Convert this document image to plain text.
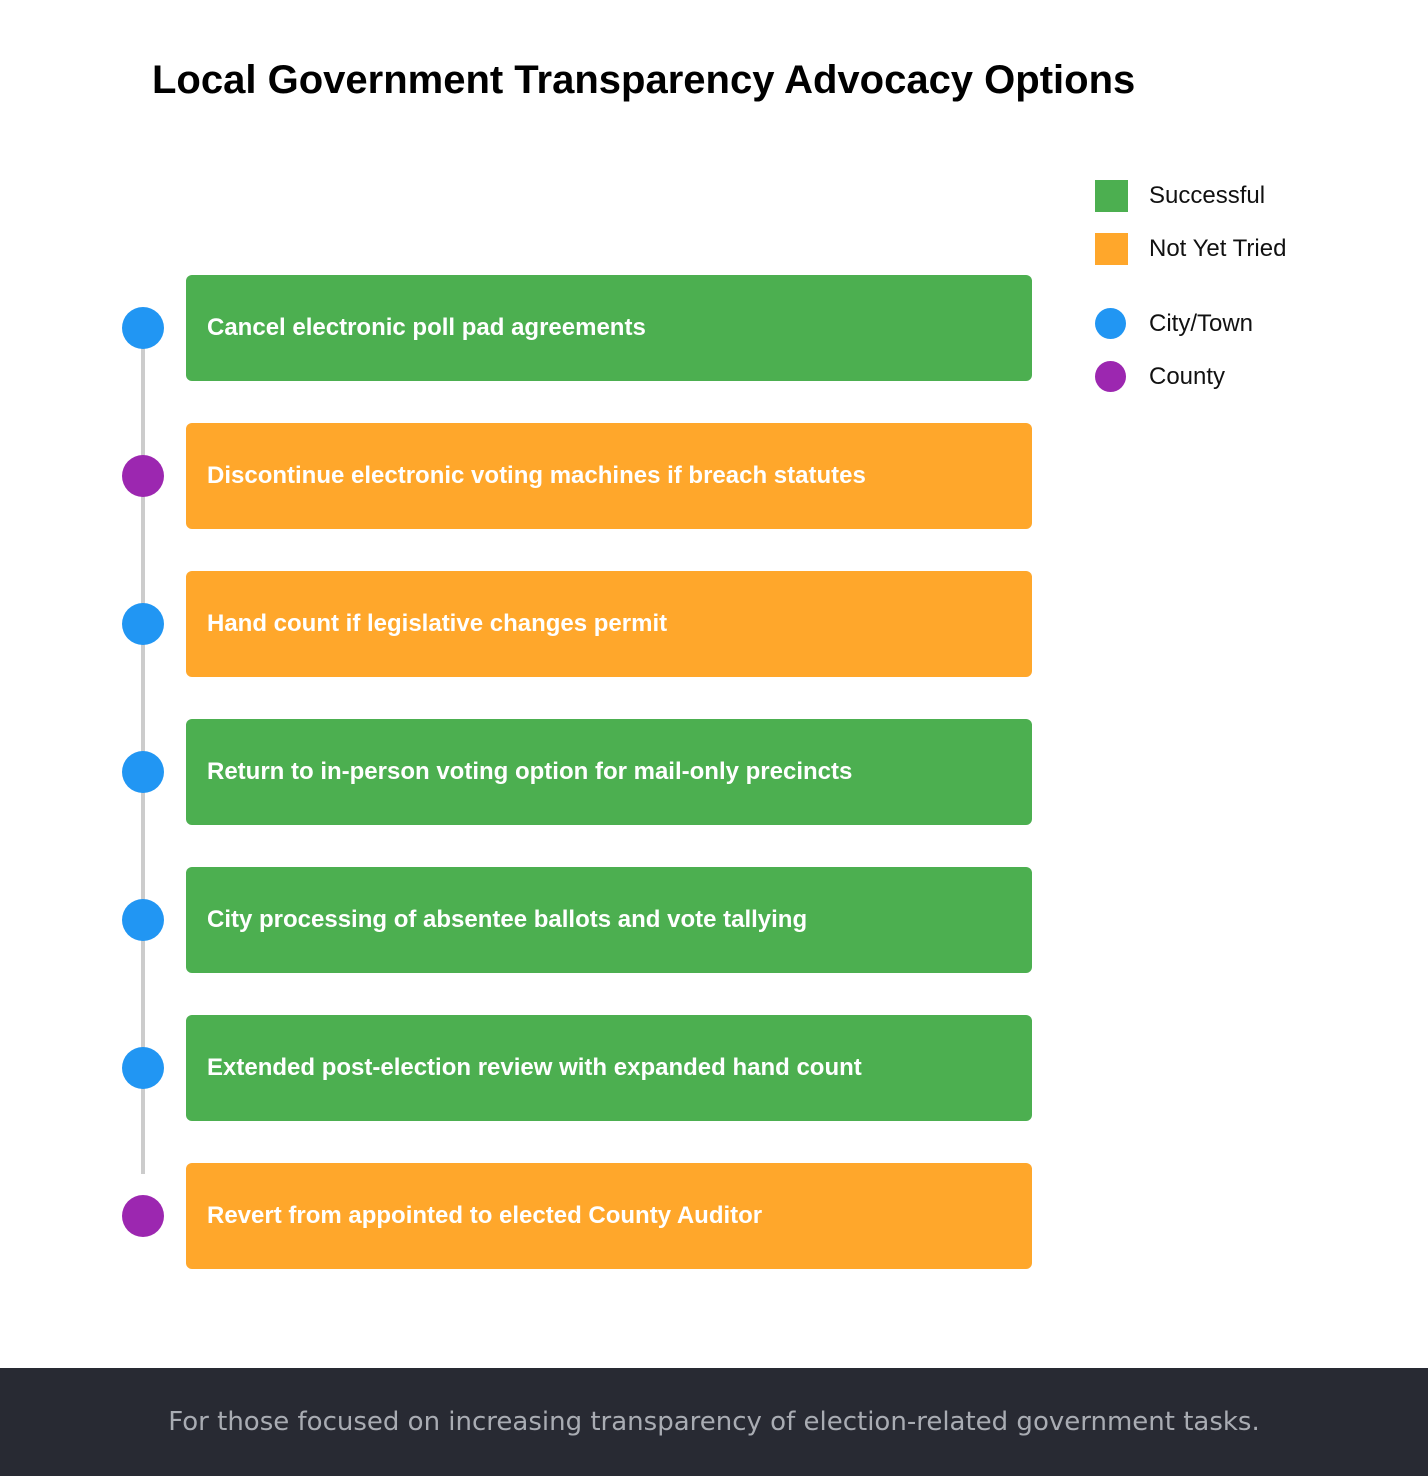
Local Government Transparency Advocacy Options
Cancel electronic poll pad agreements
Discontinue electronic voting machines if breach statutes
Hand count if legislative changes permit
Return to in-person voting option for mail-only precincts
City processing of absentee ballots and vote tallying
Extended post-election review with expanded hand count
Revert from appointed to elected County Auditor
Successful
Not Yet Tried
City/Town
County
For those focused on increasing transparency of election-related government tasks.
